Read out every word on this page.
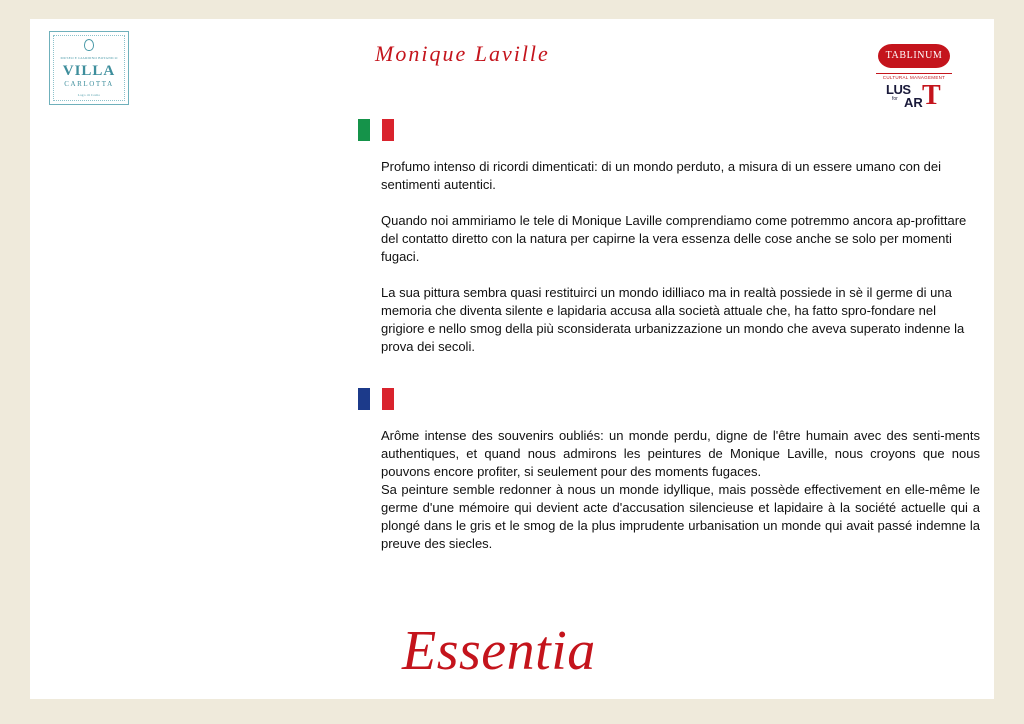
MUSEO E GIARDINO BOTANICO
VILLA
CARLOTTA
Lago di Como
Monique Laville	TABLINUM
CULTURAL MANAGEMENT
LUS
for AR T

Profumo intenso di ricordi dimenticati: di un mondo perduto, a misura di un essere umano con dei sentimenti autentici.

Quando noi ammiriamo le tele di Monique Laville comprendiamo come potremmo ancora ap-profittare del contatto diretto con la natura per capirne la vera essenza delle cose anche se solo per momenti fugaci.

La sua pittura sembra quasi restituirci un mondo idilliaco ma in realtà possiede in sè il germe di una memoria che diventa silente e lapidaria accusa alla società attuale che, ha fatto spro-fondare nel grigiore e nello smog della più sconsiderata urbanizzazione un mondo che aveva superato indenne la prova dei secoli.

Arôme intense des souvenirs oubliés: un monde perdu, digne de l'être humain avec des senti-ments authentiques, et quand nous admirons les peintures de Monique Laville, nous croyons que nous pouvons encore profiter, si seulement pour des moments fugaces.

Sa peinture semble redonner à nous un monde idyllique, mais possède effectivement en elle-même le germe d'une mémoire qui devient acte d'accusation silencieuse et lapidaire à la société actuelle qui a plongé dans le gris et le smog de la plus imprudente urbanisation un monde qui avait passé indemne la preuve des siecles.

Essentia
